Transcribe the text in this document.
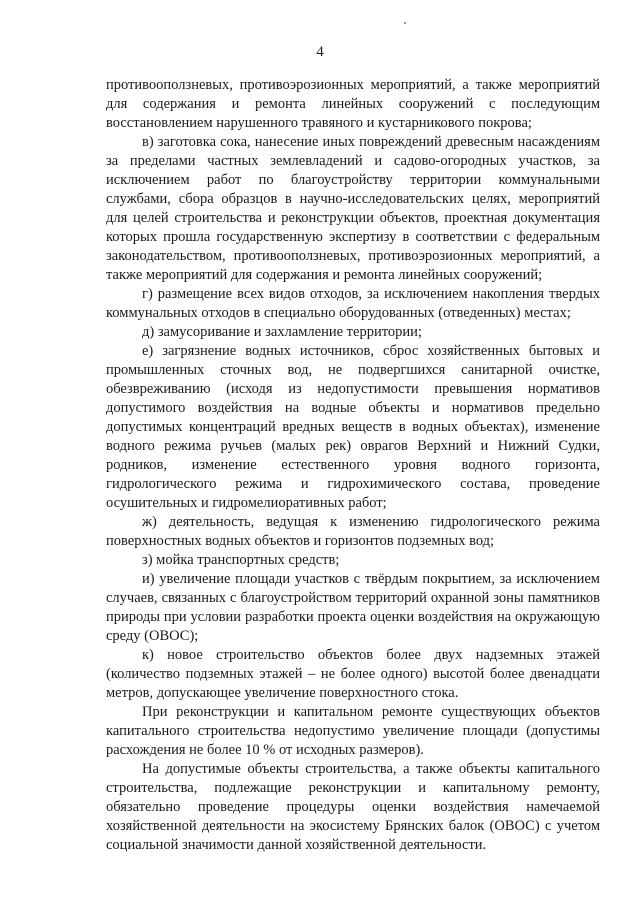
4

противооползневых, противоэрозионных мероприятий, а также мероприятий для содержания и ремонта линейных сооружений с последующим восстановлением нарушенного травяного и кустарникового покрова;

в) заготовка сока, нанесение иных повреждений древесным насаждениям за пределами частных землевладений и садово-огородных участков, за исключением работ по благоустройству территории коммунальными службами, сбора образцов в научно-исследовательских целях, мероприятий для целей строительства и реконструкции объектов, проектная документация которых прошла государственную экспертизу в соответствии с федеральным законодательством, противооползневых, противоэрозионных мероприятий, а также мероприятий для содержания и ремонта линейных сооружений;

г) размещение всех видов отходов, за исключением накопления твердых коммунальных отходов в специально оборудованных (отведенных) местах;

д) замусоривание и захламление территории;

е) загрязнение водных источников, сброс хозяйственных бытовых и промышленных сточных вод, не подвергшихся санитарной очистке, обезвреживанию (исходя из недопустимости превышения нормативов допустимого воздействия на водные объекты и нормативов предельно допустимых концентраций вредных веществ в водных объектах), изменение водного режима ручьев (малых рек) оврагов Верхний и Нижний Судки, родников, изменение естественного уровня водного горизонта, гидрологического режима и гидрохимического состава, проведение осушительных и гидромелиоративных работ;

ж) деятельность, ведущая к изменению гидрологического режима поверхностных водных объектов и горизонтов подземных вод;

з) мойка транспортных средств;

и) увеличение площади участков с твёрдым покрытием, за исключением случаев, связанных с благоустройством территорий охранной зоны памятников природы при условии разработки проекта оценки воздействия на окружающую среду (ОВОС);

к) новое строительство объектов более двух надземных этажей (количество подземных этажей – не более одного) высотой более двенадцати метров, допускающее увеличение поверхностного стока.

При реконструкции и капитальном ремонте существующих объектов капитального строительства недопустимо увеличение площади (допустимы расхождения не более 10 % от исходных размеров).

На допустимые объекты строительства, а также объекты капитального строительства, подлежащие реконструкции и капитальному ремонту, обязательно проведение процедуры оценки воздействия намечаемой хозяйственной деятельности на экосистему Брянских балок (ОВОС) с учетом социальной значимости данной хозяйственной деятельности.
